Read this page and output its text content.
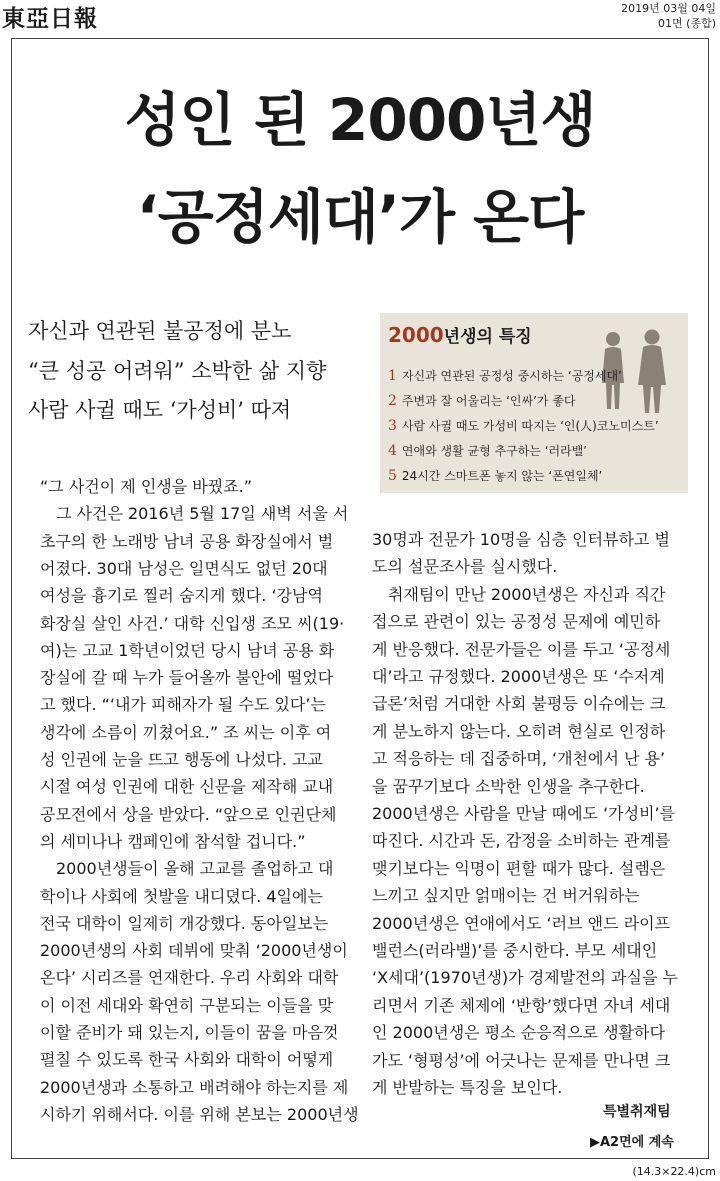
東亞日報	2019년 03월 04일
01면 (종합)
성인 된 2000년생
‘공정세대’가 온다
자신과 연관된 불공정에 분노
“큰 성공 어려워” 소박한 삶 지향
사람 사귈 때도 ‘가성비’ 따져
2000년생의 특징
1 자신과 연관된 공정성 중시하는 ‘공정세대’
2 주변과 잘 어울리는 ‘인싸’가 좋다
3 사람 사귈 때도 가성비 따지는 ‘인(人)코노미스트’
4 연애와 생활 균형 추구하는 ‘러라밸’
5 24시간 스마트폰 놓지 않는 ‘폰연일체’
“그 사건이 제 인생을 바꿨죠.”
그 사건은 2016년 5월 17일 새벽 서울 서
초구의 한 노래방 남녀 공용 화장실에서 벌
어졌다. 30대 남성은 일면식도 없던 20대
여성을 흉기로 찔러 숨지게 했다. ‘강남역
화장실 살인 사건.’ 대학 신입생 조모 씨(19·
여)는 고교 1학년이었던 당시 남녀 공용 화
장실에 갈 때 누가 들어올까 불안에 떨었다
고 했다. “‘내가 피해자가 될 수도 있다’는
생각에 소름이 끼쳤어요.” 조 씨는 이후 여
성 인권에 눈을 뜨고 행동에 나섰다. 고교
시절 여성 인권에 대한 신문을 제작해 교내
공모전에서 상을 받았다. “앞으로 인권단체
의 세미나나 캠페인에 참석할 겁니다.”
2000년생들이 올해 고교를 졸업하고 대
학이나 사회에 첫발을 내디뎠다. 4일에는
전국 대학이 일제히 개강했다. 동아일보는
2000년생의 사회 데뷔에 맞춰 ‘2000년생이
온다’ 시리즈를 연재한다. 우리 사회와 대학
이 이전 세대와 확연히 구분되는 이들을 맞
이할 준비가 돼 있는지, 이들이 꿈을 마음껏
펼칠 수 있도록 한국 사회와 대학이 어떻게
2000년생과 소통하고 배려해야 하는지를 제
시하기 위해서다. 이를 위해 본보는 2000년생
30명과 전문가 10명을 심층 인터뷰하고 별
도의 설문조사를 실시했다.
취재팀이 만난 2000년생은 자신과 직간
접으로 관련이 있는 공정성 문제에 예민하
게 반응했다. 전문가들은 이를 두고 ‘공정세
대’라고 규정했다. 2000년생은 또 ‘수저계
급론’처럼 거대한 사회 불평등 이슈에는 크
게 분노하지 않는다. 오히려 현실로 인정하
고 적응하는 데 집중하며, ‘개천에서 난 용’
을 꿈꾸기보다 소박한 인생을 추구한다.
2000년생은 사람을 만날 때에도 ‘가성비’를
따진다. 시간과 돈, 감정을 소비하는 관계를
맺기보다는 익명이 편할 때가 많다. 설렘은
느끼고 싶지만 얽매이는 건 버거워하는
2000년생은 연애에서도 ‘러브 앤드 라이프
밸런스(러라밸)’를 중시한다. 부모 세대인
‘X세대’(1970년생)가 경제발전의 과실을 누
리면서 기존 체제에 ‘반항’했다면 자녀 세대
인 2000년생은 평소 순응적으로 생활하다
가도 ‘형평성’에 어긋나는 문제를 만나면 크
게 반발하는 특징을 보인다.
특별취재팀
▶A2면에 계속
(14.3×22.4)cm
